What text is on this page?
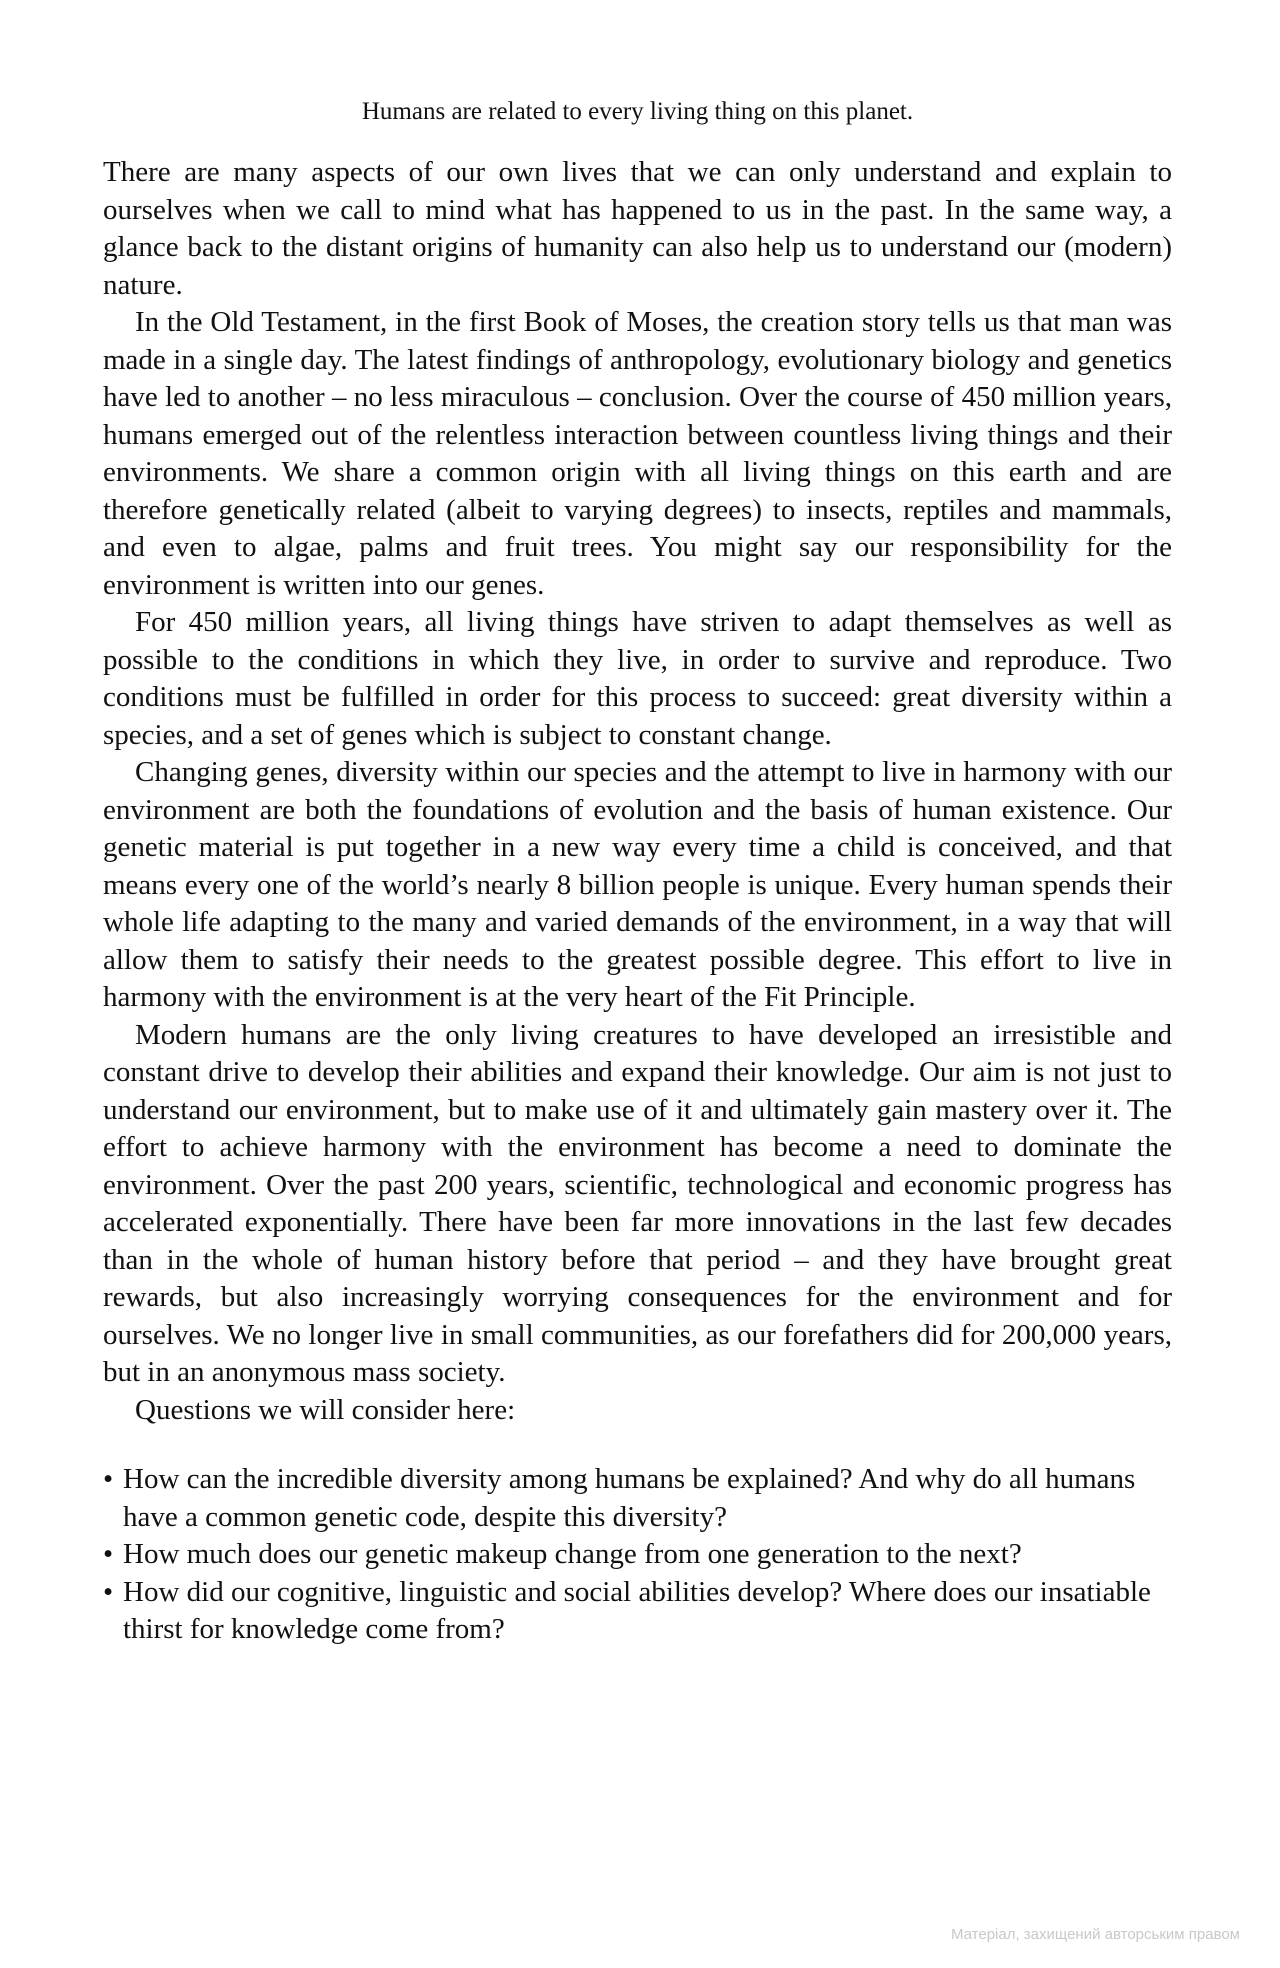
Humans are related to every living thing on this planet.

There are many aspects of our own lives that we can only understand and explain to ourselves when we call to mind what has happened to us in the past. In the same way, a glance back to the distant origins of humanity can also help us to understand our (modern) nature.

In the Old Testament, in the first Book of Moses, the creation story tells us that man was made in a single day. The latest findings of anthropology, evolutionary biology and genetics have led to another – no less miraculous – conclusion. Over the course of 450 million years, humans emerged out of the relentless interaction between countless living things and their environments. We share a common origin with all living things on this earth and are therefore genetically related (albeit to varying degrees) to insects, reptiles and mammals, and even to algae, palms and fruit trees. You might say our responsibility for the environment is written into our genes.

For 450 million years, all living things have striven to adapt themselves as well as possible to the conditions in which they live, in order to survive and reproduce. Two conditions must be fulfilled in order for this process to succeed: great diversity within a species, and a set of genes which is subject to constant change.

Changing genes, diversity within our species and the attempt to live in harmony with our environment are both the foundations of evolution and the basis of human existence. Our genetic material is put together in a new way every time a child is conceived, and that means every one of the world’s nearly 8 billion people is unique. Every human spends their whole life adapting to the many and varied demands of the environment, in a way that will allow them to satisfy their needs to the greatest possible degree. This effort to live in harmony with the environment is at the very heart of the Fit Principle.

Modern humans are the only living creatures to have developed an irresistible and constant drive to develop their abilities and expand their knowledge. Our aim is not just to understand our environment, but to make use of it and ultimately gain mastery over it. The effort to achieve harmony with the environment has become a need to dominate the environment. Over the past 200 years, scientific, technological and economic progress has accelerated exponentially. There have been far more innovations in the last few decades than in the whole of human history before that period – and they have brought great rewards, but also increasingly worrying consequences for the environment and for ourselves. We no longer live in small communities, as our forefathers did for 200,000 years, but in an anonymous mass society.

Questions we will consider here:

• How can the incredible diversity among humans be explained? And why do all humans have a common genetic code, despite this diversity?
• How much does our genetic makeup change from one generation to the next?
• How did our cognitive, linguistic and social abilities develop? Where does our insatiable thirst for knowledge come from?
Матеріал, захищений авторським правом
